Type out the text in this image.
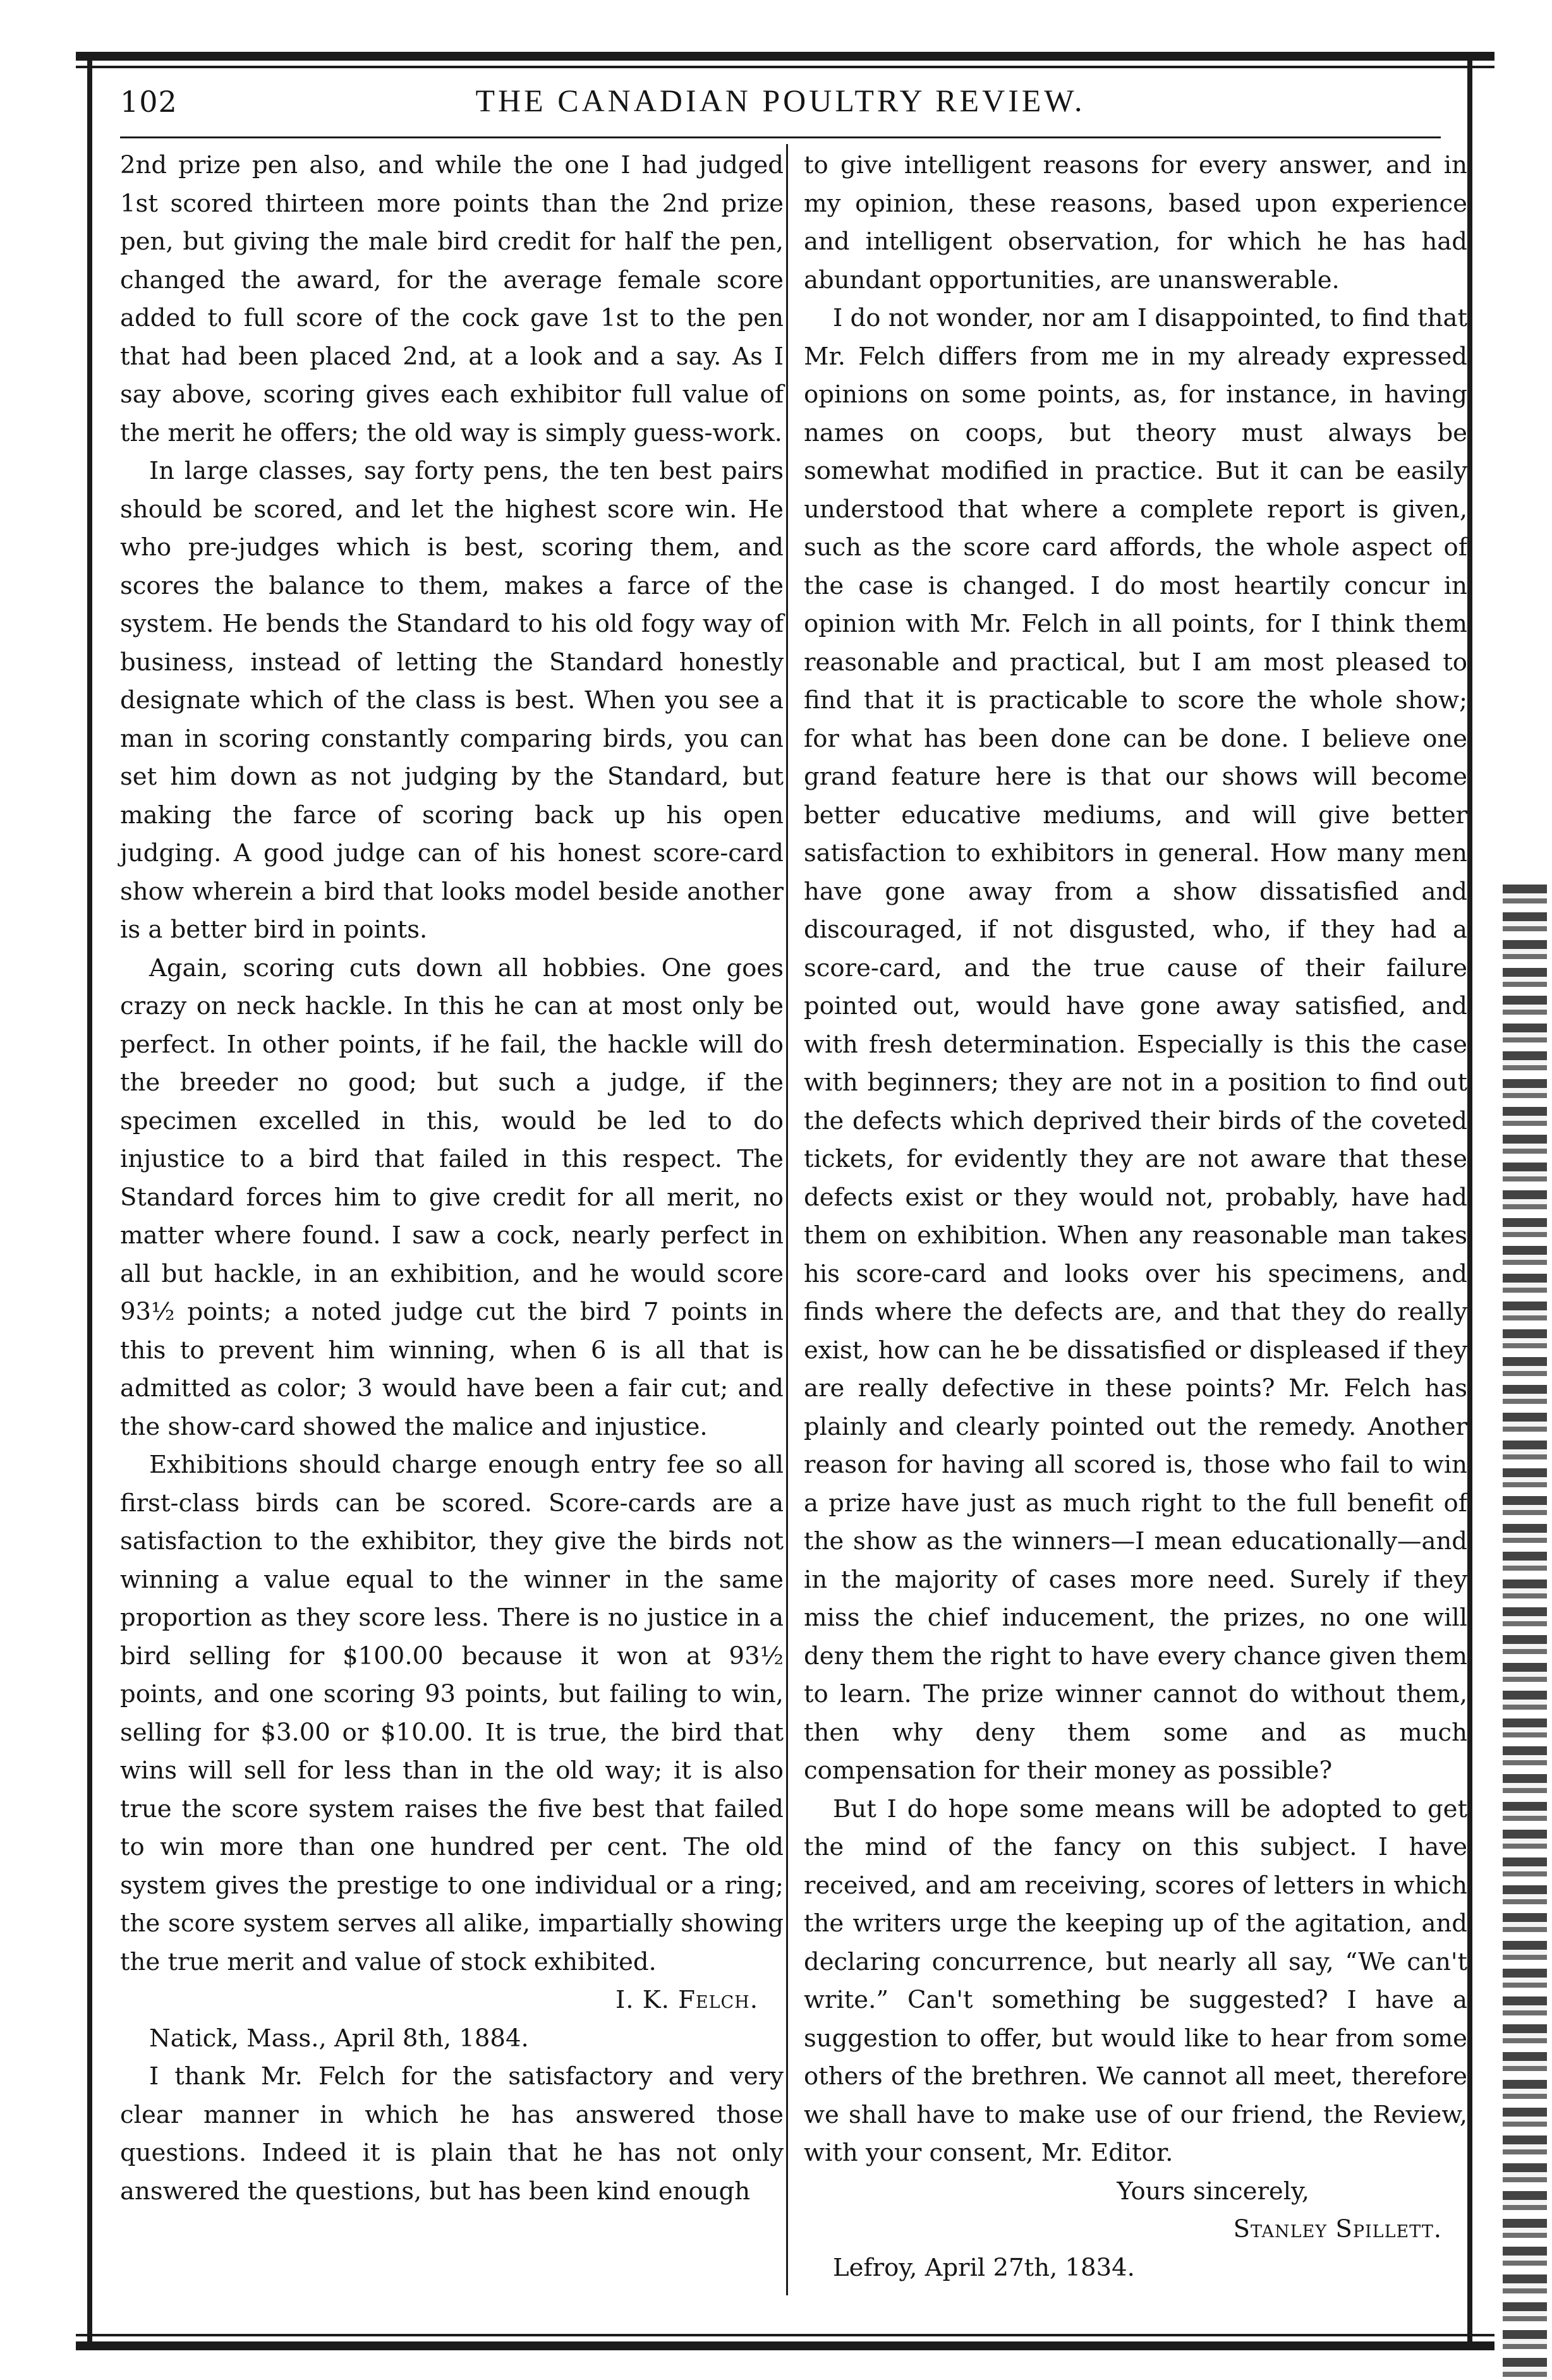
102	THE CANADIAN POULTRY REVIEW.

2nd prize pen also, and while the one I had judged 1st scored thirteen more points than the 2nd prize pen, but giving the male bird credit for half the pen, changed the award, for the average female score added to full score of the cock gave 1st to the pen that had been placed 2nd, at a look and a say. As I say above, scoring gives each exhibitor full value of the merit he offers; the old way is simply guess-work.

In large classes, say forty pens, the ten best pairs should be scored, and let the highest score win. He who pre-judges which is best, scoring them, and scores the balance to them, makes a farce of the system. He bends the Standard to his old fogy way of business, instead of letting the Standard honestly designate which of the class is best. When you see a man in scoring constantly comparing birds, you can set him down as not judging by the Standard, but making the farce of scoring back up his open judging. A good judge can of his honest score-card show wherein a bird that looks model beside another is a better bird in points.

Again, scoring cuts down all hobbies. One goes crazy on neck hackle. In this he can at most only be perfect. In other points, if he fail, the hackle will do the breeder no good; but such a judge, if the specimen excelled in this, would be led to do injustice to a bird that failed in this respect. The Standard forces him to give credit for all merit, no matter where found. I saw a cock, nearly perfect in all but hackle, in an exhibition, and he would score 93½ points; a noted judge cut the bird 7 points in this to prevent him winning, when 6 is all that is admitted as color; 3 would have been a fair cut; and the show-card showed the malice and injustice.

Exhibitions should charge enough entry fee so all first-class birds can be scored. Score-cards are a satisfaction to the exhibitor, they give the birds not winning a value equal to the winner in the same proportion as they score less. There is no justice in a bird selling for $100.00 because it won at 93½ points, and one scoring 93 points, but failing to win, selling for $3.00 or $10.00. It is true, the bird that wins will sell for less than in the old way; it is also true the score system raises the five best that failed to win more than one hundred per cent. The old system gives the prestige to one individual or a ring; the score system serves all alike, impartially showing the true merit and value of stock exhibited.

I. K. Felch.

Natick, Mass., April 8th, 1884.

I thank Mr. Felch for the satisfactory and very clear manner in which he has answered those questions. Indeed it is plain that he has not only answered the questions, but has been kind enough

to give intelligent reasons for every answer, and in my opinion, these reasons, based upon experience and intelligent observation, for which he has had abundant opportunities, are unanswerable.

I do not wonder, nor am I disappointed, to find that Mr. Felch differs from me in my already expressed opinions on some points, as, for instance, in having names on coops, but theory must always be somewhat modified in practice. But it can be easily understood that where a complete report is given, such as the score card affords, the whole aspect of the case is changed. I do most heartily concur in opinion with Mr. Felch in all points, for I think them reasonable and practical, but I am most pleased to find that it is practicable to score the whole show; for what has been done can be done. I believe one grand feature here is that our shows will become better educative mediums, and will give better satisfaction to exhibitors in general. How many men have gone away from a show dissatisfied and discouraged, if not disgusted, who, if they had a score-card, and the true cause of their failure pointed out, would have gone away satisfied, and with fresh determination. Especially is this the case with beginners; they are not in a position to find out the defects which deprived their birds of the coveted tickets, for evidently they are not aware that these defects exist or they would not, probably, have had them on exhibition. When any reasonable man takes his score-card and looks over his specimens, and finds where the defects are, and that they do really exist, how can he be dissatisfied or displeased if they are really defective in these points? Mr. Felch has plainly and clearly pointed out the remedy. Another reason for having all scored is, those who fail to win a prize have just as much right to the full benefit of the show as the winners—I mean educationally—and in the majority of cases more need. Surely if they miss the chief inducement, the prizes, no one will deny them the right to have every chance given them to learn. The prize winner cannot do without them, then why deny them some and as much compensation for their money as possible?

But I do hope some means will be adopted to get the mind of the fancy on this subject. I have received, and am receiving, scores of letters in which the writers urge the keeping up of the agitation, and declaring concurrence, but nearly all say, “We can't write.” Can't something be suggested? I have a suggestion to offer, but would like to hear from some others of the brethren. We cannot all meet, therefore we shall have to make use of our friend, the Review, with your consent, Mr. Editor.

Yours sincerely,

Stanley Spillett.

Lefroy, April 27th, 1834.
